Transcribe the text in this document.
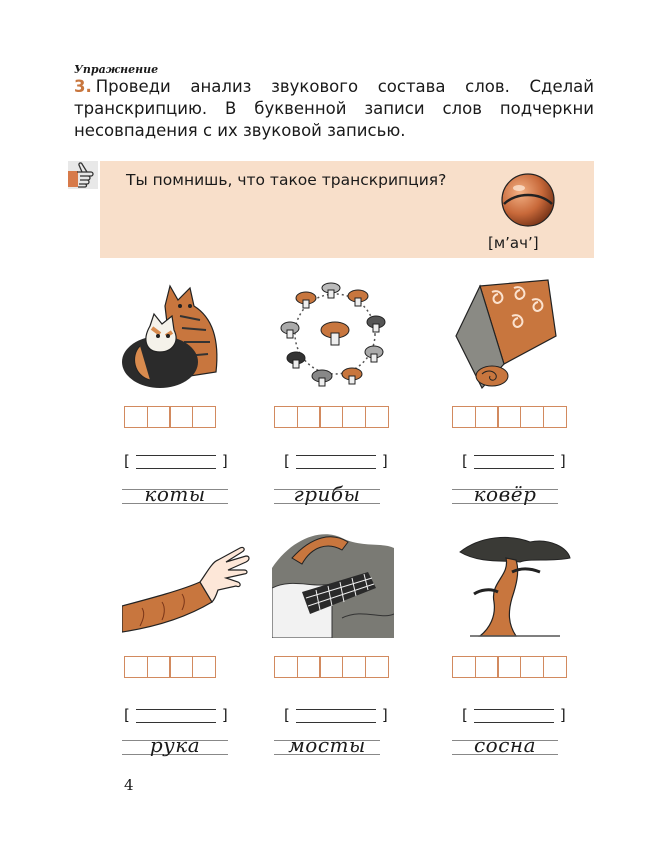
Упражнение
3. Проведи анализ звукового состава слов. Сделай транскрипцию. В буквенной записи слов подчеркни несовпадения с их звуковой записью.
Ты помнишь, что такое транскрипция?
[м’ач’]
[	]	[	]	[	]
коты	грибы	ковёр
[	]	[	]	[	]
рука	мосты	сосна
4
